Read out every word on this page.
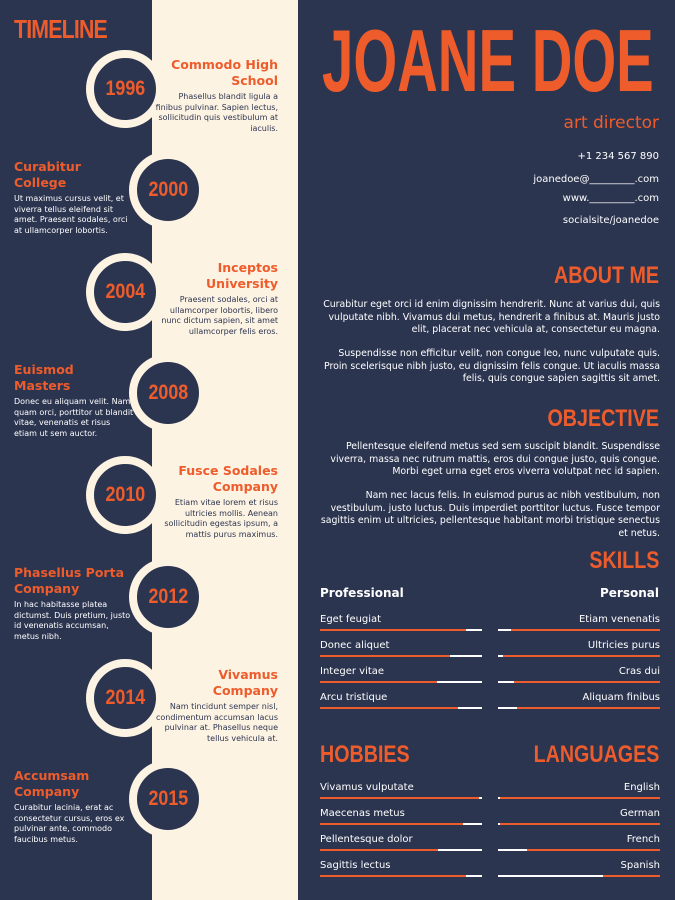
TIMELINE
1996
2000
2004
2008
2010
2012
2014
2015
Commodo High School
Phasellus blandit ligula a finibus pulvinar. Sapien lectus, sollicitudin quis vestibulum at iaculis.
Curabitur College
Ut maximus cursus velit, et viverra tellus eleifend sit amet. Praesent sodales, orci at ullamcorper lobortis.
Inceptos University
Praesent sodales, orci at ullamcorper lobortis, libero nunc dictum sapien, sit amet ullamcorper felis eros.
Euismod Masters
Donec eu aliquam velit. Nam quam orci, porttitor ut blandit vitae, venenatis et risus etiam ut sem auctor.
Fusce Sodales Company
Etiam vitae lorem et risus ultricies mollis. Aenean sollicitudin egestas ipsum, a mattis purus maximus.
Phasellus Porta Company
In hac habitasse platea dictumst. Duis pretium, justo id venenatis accumsan, metus nibh.
Vivamus Company
Nam tincidunt semper nisl, condimentum accumsan lacus pulvinar at. Phasellus neque tellus vehicula at.
Accumsam Company
Curabitur lacinia, erat ac consectetur cursus, eros ex pulvinar ante, commodo faucibus metus.
JOANE DOE
art director
+1 234 567 890
joanedoe@_________.com
www._________.com
socialsite/joanedoe
ABOUT ME
Curabitur eget orci id enim dignissim hendrerit. Nunc at varius dui, quis vulputate nibh. Vivamus dui metus, hendrerit a finibus at. Mauris justo elit, placerat nec vehicula at, consectetur eu magna.
Suspendisse non efficitur velit, non congue leo, nunc vulputate quis. Proin scelerisque nibh justo, eu dignissim felis congue. Ut iaculis massa felis, quis congue sapien sagittis sit amet.
OBJECTIVE
Pellentesque eleifend metus sed sem suscipit blandit. Suspendisse viverra, massa nec rutrum mattis, eros dui congue justo, quis congue. Morbi eget urna eget eros viverra volutpat nec id sapien.
Nam nec lacus felis. In euismod purus ac nibh vestibulum, non vestibulum. justo luctus. Duis imperdiet porttitor luctus. Fusce tempor sagittis enim ut ultricies, pellentesque habitant morbi tristique senectus et netus.
SKILLS
Professional	Personal
Eget feugiat
Donec aliquet
Integer vitae
Arcu tristique
Etiam venenatis
Ultricies purus
Cras dui
Aliquam finibus
HOBBIES	LANGUAGES
Vivamus vulputate
Maecenas metus
Pellentesque dolor
Sagittis lectus
English
German
French
Spanish
